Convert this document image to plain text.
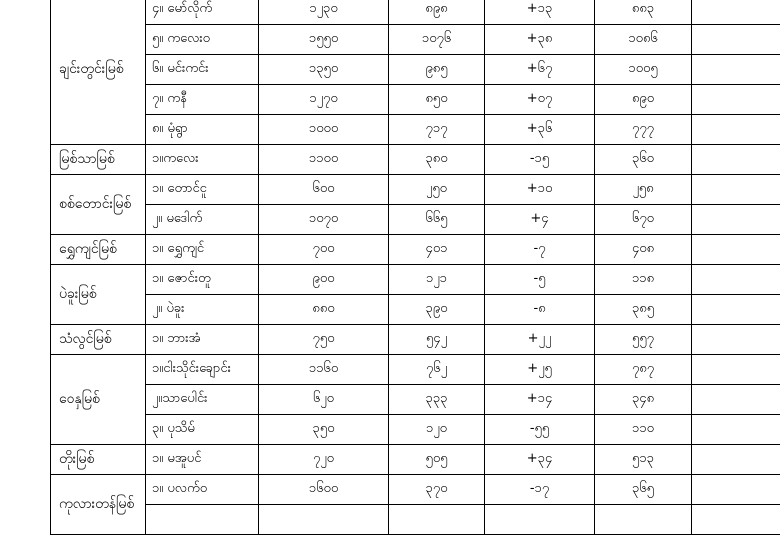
ချင်းတွင်းမြစ်	၄။ မော်လိုက်	၁၂၃၀	၈၉၈	+၁၃	၈၈၃	
	၅။ ကလေးဝ	၁၅၅၀	၁၀၇၆	+၃၈	၁၀၈၆	
	၆။ မင်းကင်း	၁၃၅၀	၉၈၅	+၆၇	၁၀၀၅	
	၇။ ကနီ	၁၂၇၀	၈၅၀	+၀၇	၈၉၀	
	၈။ မုံရွာ	၁၀၀၀	၇၁၇	+၃၆	၇၇၇	
မြစ်သာမြစ်	၁။ကလေး	၁၁၀၀	၃၈၀	-၁၅	၃၆၀	
စစ်တောင်းမြစ်	၁။ တောင်ငူ	၆၀၀	၂၅၀	+၁၀	၂၅၈	
	၂။ မဒေါက်	၁၀၇၀	၆၆၅	+၄	၆၇၀	
ရွှေကျင်မြစ်	၁။ ရွှေကျင်	၇၀၀	၄၀၁	-၇	၄၀၈	
ပဲခူးမြစ်	၁။ ဇောင်းတူ	၉၀၀	၁၂၁	-၅	၁၁၈	
	၂။ ပဲခူး	၈၈၀	၃၉၀	-၈	၃၈၅	
သံလွင်မြစ်	၁။ ဘားအံ	၇၅၀	၅၄၂	+၂၂	၅၅၇	
ဝေနှမြစ်	၁။ငါးသိုင်းချောင်း	၁၁၆၀	၇၆၂	+၂၅	၇၈၇	
	၂။သာပေါင်း	၆၂၀	၃၃၃	+၁၄	၃၄၈	
	၃။ ပုသိမ်	၃၅၀	၁၂၀	-၅၅	၁၁၀	
တိုးမြစ်	၁။ မအူပင်	၇၂၀	၅၀၅	+၃၄	၅၁၃	
ကုလားတန်မြစ်	၁။ ပလက်ဝ	၁၆၀၀	၃၇၀	-၁၇	၃၆၅	
